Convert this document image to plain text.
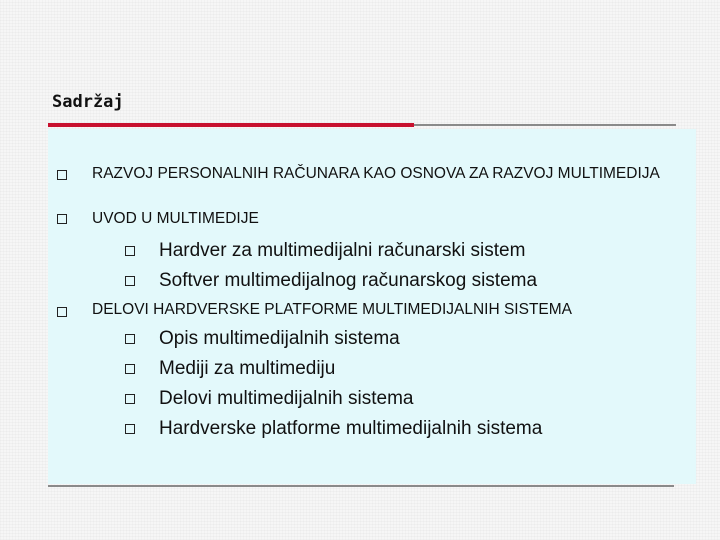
Sadržaj
RAZVOJ PERSONALNIH RAČUNARA KAO OSNOVA ZA RAZVOJ MULTIMEDIJA
UVOD U MULTIMEDIJE
Hardver za multimedijalni računarski sistem
Softver multimedijalnog računarskog sistema
DELOVI HARDVERSKE PLATFORME MULTIMEDIJALNIH SISTEMA
Opis multimedijalnih sistema
Mediji za multimediju
Delovi multimedijalnih sistema
Hardverske platforme multimedijalnih sistema
